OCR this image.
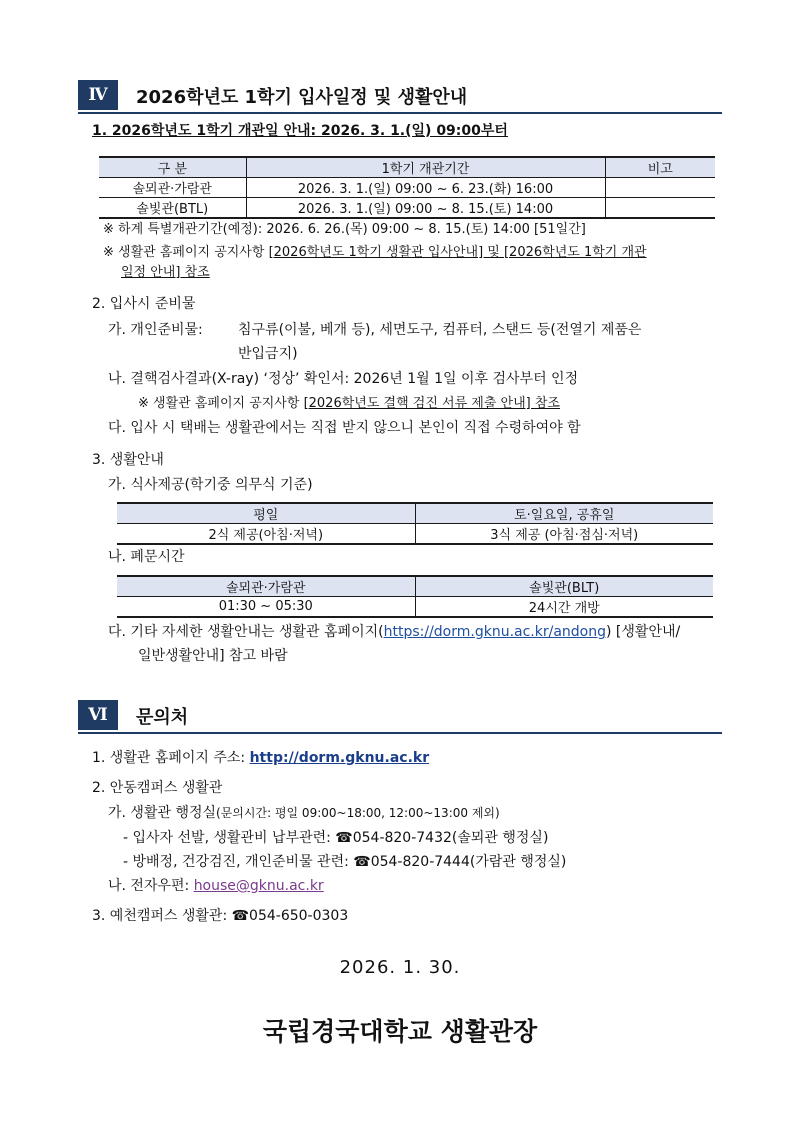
Ⅳ	2026학년도 1학기 입사일정 및 생활안내
1. 2026학년도 1학기 개관일 안내: 2026. 3. 1.(일) 09:00부터
구 분	1학기 개관기간	비고
솔뫼관·가람관	2026. 3. 1.(일) 09:00 ~ 6. 23.(화) 16:00	
솔빛관(BTL)	2026. 3. 1.(일) 09:00 ~ 8. 15.(토) 14:00	
※ 하계 특별개관기간(예정): 2026. 6. 26.(목) 09:00 ~ 8. 15.(토) 14:00 [51일간]
※ 생활관 홈페이지 공지사항 [2026학년도 1학기 생활관 입사안내] 및 [2026학년도 1학기 개관
일정 안내] 참조
2. 입사시 준비물
가. 개인준비물:	침구류(이불, 베개 등), 세면도구, 컴퓨터, 스탠드 등(전열기 제품은
반입금지)
나. 결핵검사결과(X-ray) ‘정상’ 확인서: 2026년 1월 1일 이후 검사부터 인정
※ 생활관 홈페이지 공지사항 [2026학년도 결핵 검진 서류 제출 안내] 참조
다. 입사 시 택배는 생활관에서는 직접 받지 않으니 본인이 직접 수령하여야 함
3. 생활안내
가. 식사제공(학기중 의무식 기준)
평일	토·일요일, 공휴일
2식 제공(아침·저녁)	3식 제공 (아침·점심·저녁)
나. 폐문시간
솔뫼관·가람관	솔빛관(BLT)
01:30 ~ 05:30	24시간 개방
다. 기타 자세한 생활안내는 생활관 홈페이지(https://dorm.gknu.ac.kr/andong) [생활안내/
일반생활안내] 참고 바람
Ⅵ	문의처
1. 생활관 홈페이지 주소: http://dorm.gknu.ac.kr
2. 안동캠퍼스 생활관
가. 생활관 행정실(문의시간: 평일 09:00~18:00, 12:00~13:00 제외)
- 입사자 선발, 생활관비 납부관련: ☎054-820-7432(솔뫼관 행정실)
- 방배정, 건강검진, 개인준비물 관련: ☎054-820-7444(가람관 행정실)
나. 전자우편: house@gknu.ac.kr
3. 예천캠퍼스 생활관: ☎054-650-0303
2026. 1. 30.
국립경국대학교 생활관장
